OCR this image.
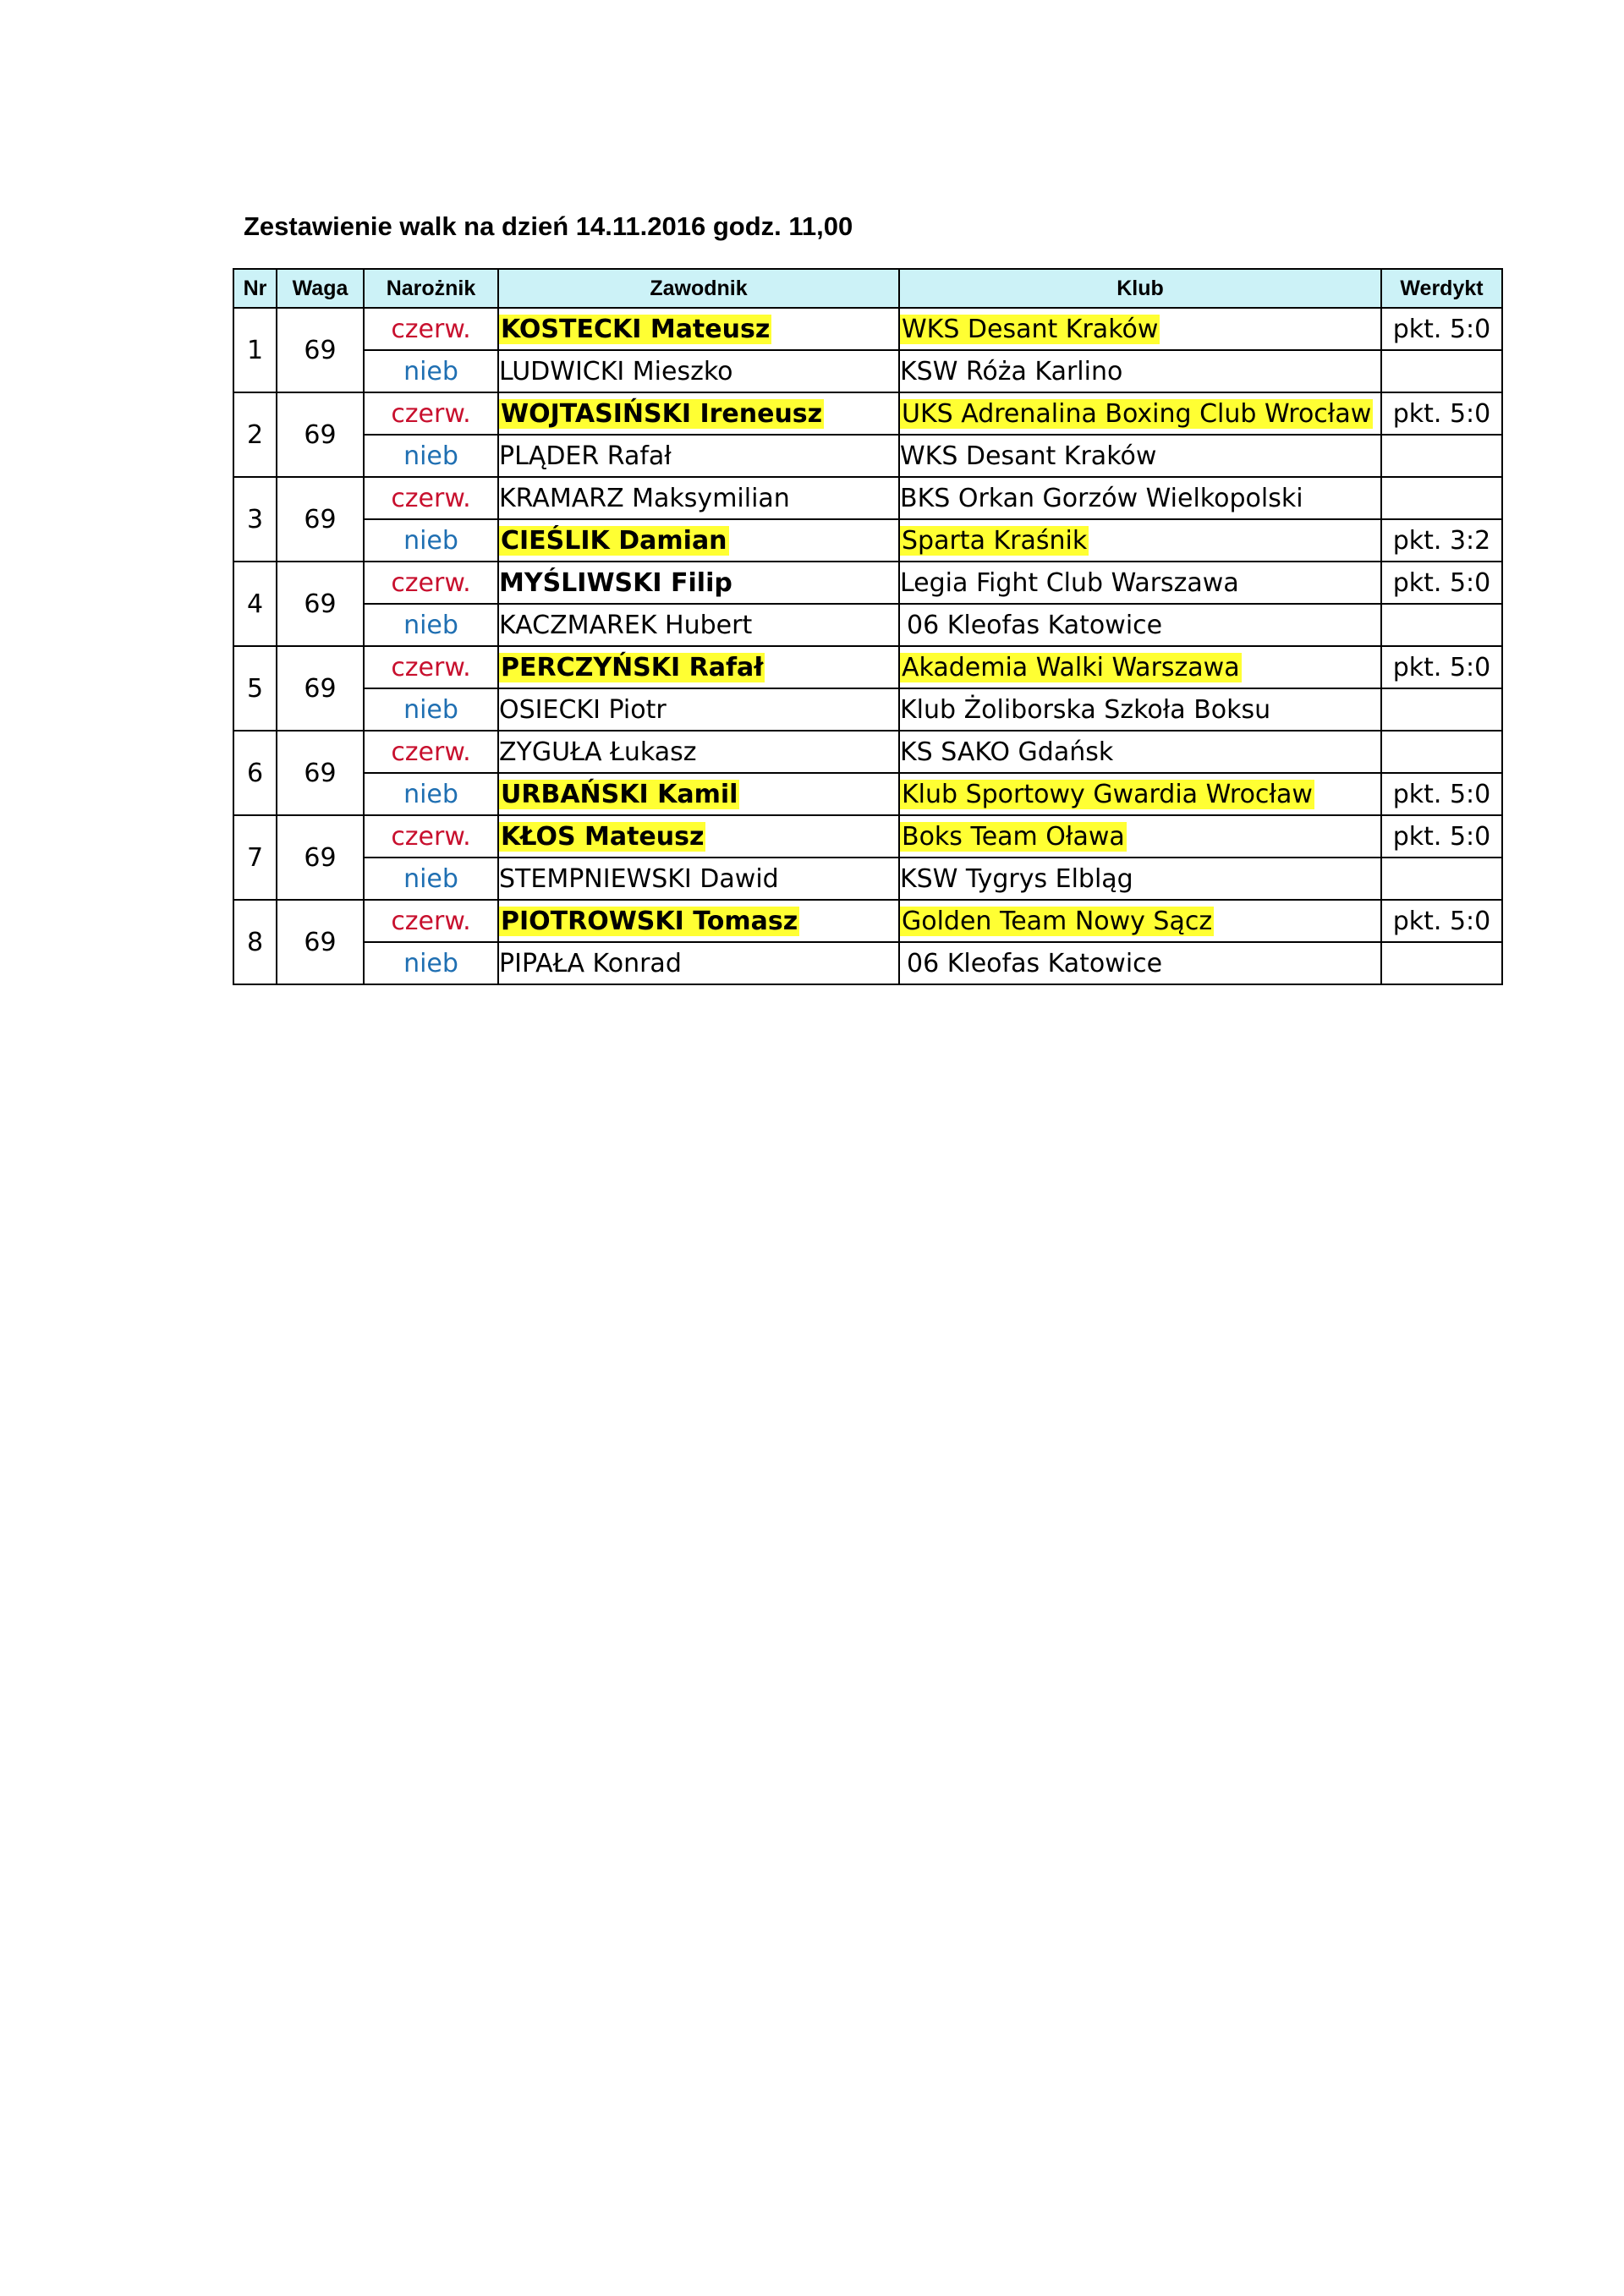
Zestawienie walk na dzień 14.11.2016 godz. 11,00
Nr	Waga	Narożnik	Zawodnik	Klub	Werdykt
1	69	czerw.	KOSTECKI Mateusz	WKS Desant Kraków	pkt. 5:0
		nieb	LUDWICKI Mieszko	KSW Róża Karlino	
2	69	czerw.	WOJTASIŃSKI Ireneusz	UKS Adrenalina Boxing Club Wrocław	pkt. 5:0
		nieb	PLĄDER Rafał	WKS Desant Kraków	
3	69	czerw.	KRAMARZ Maksymilian	BKS Orkan Gorzów Wielkopolski	
		nieb	CIEŚLIK Damian	Sparta Kraśnik	pkt. 3:2
4	69	czerw.	MYŚLIWSKI Filip	Legia Fight Club Warszawa	pkt. 5:0
		nieb	KACZMAREK Hubert	06 Kleofas Katowice	
5	69	czerw.	PERCZYŃSKI Rafał	Akademia Walki Warszawa	pkt. 5:0
		nieb	OSIECKI Piotr	Klub Żoliborska Szkoła Boksu	
6	69	czerw.	ZYGUŁA Łukasz	KS SAKO Gdańsk	
		nieb	URBAŃSKI Kamil	Klub Sportowy Gwardia Wrocław	pkt. 5:0
7	69	czerw.	KŁOS Mateusz	Boks Team Oława	pkt. 5:0
		nieb	STEMPNIEWSKI Dawid	KSW Tygrys Elbląg	
8	69	czerw.	PIOTROWSKI Tomasz	Golden Team Nowy Sącz	pkt. 5:0
		nieb	PIPAŁA Konrad	06 Kleofas Katowice	
